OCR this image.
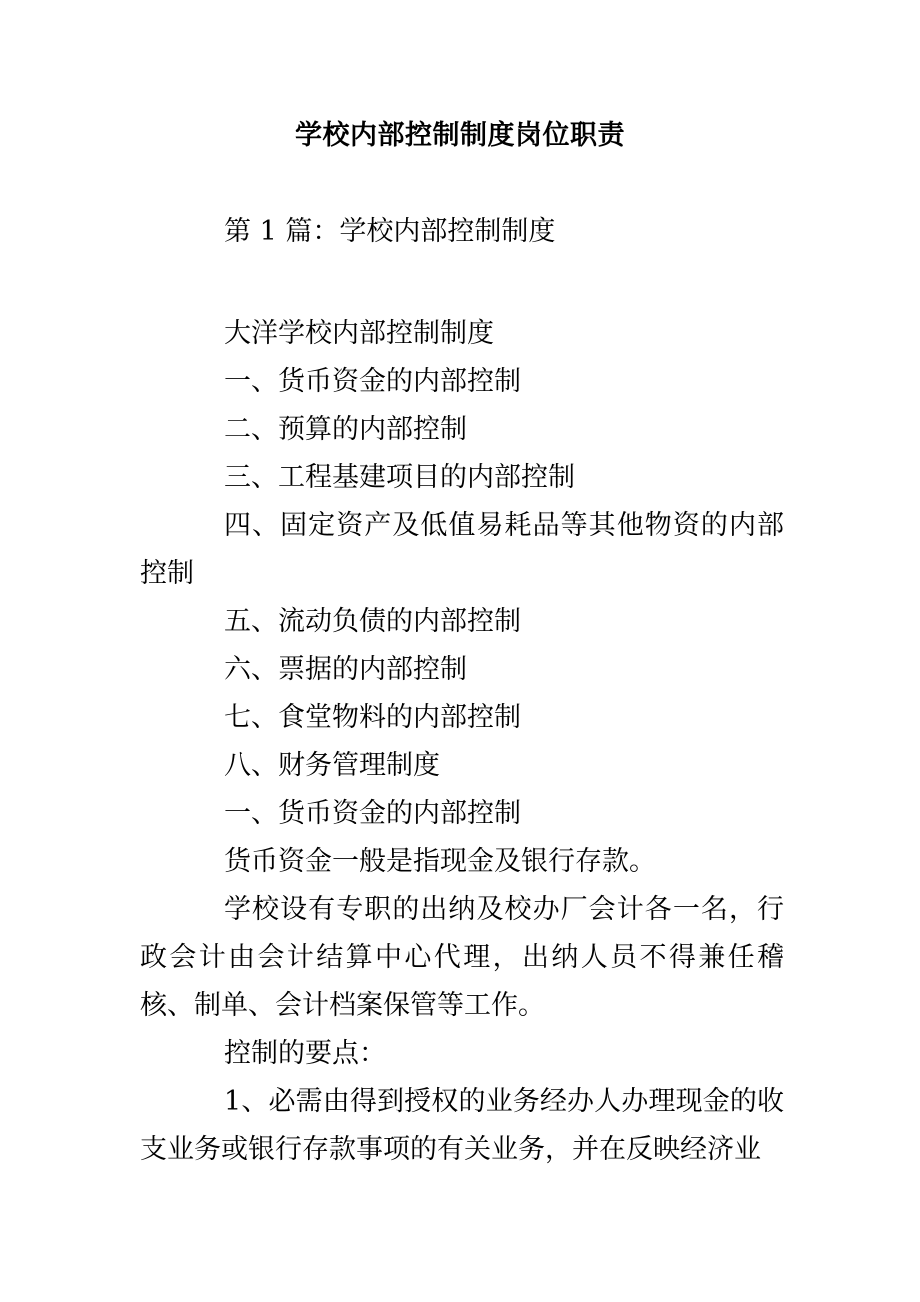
学校内部控制制度岗位职责
第 1 篇：学校内部控制制度

大洋学校内部控制制度

一、货币资金的内部控制

二、预算的内部控制

三、工程基建项目的内部控制

四、固定资产及低值易耗品等其他物资的内部控制

五、流动负债的内部控制

六、票据的内部控制

七、食堂物料的内部控制

八、财务管理制度

一、货币资金的内部控制

货币资金一般是指现金及银行存款。

学校设有专职的出纳及校办厂会计各一名，行政会计由会计结算中心代理，出纳人员不得兼任稽核、制单、会计档案保管等工作。

控制的要点：

1、必需由得到授权的业务经办人办理现金的收支业务或银行存款事项的有关业务，并在反映经济业
